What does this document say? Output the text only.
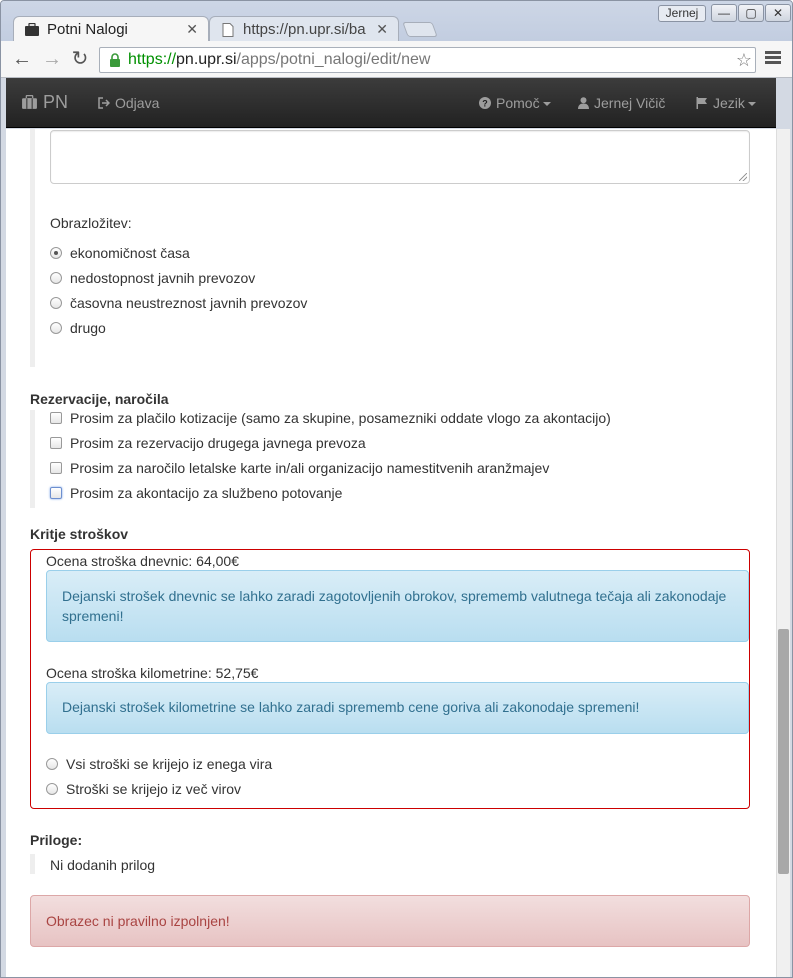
Potni Nalogi	✕	https://pn.upr.si/ba ✕
Jernej	—	▢	✕
← → ↻ https:// pn.upr.si /apps/potni_nalogi/edit/new	☆
PN	Odjava	? Pomoč	Jernej Vičič	Jezik
Obrazložitev:
ekonomičnost časa
nedostopnost javnih prevozov
časovna neustreznost javnih prevozov
drugo
Rezervacije, naročila
Prosim za plačilo kotizacije (samo za skupine, posamezniki oddate vlogo za akontacijo)
Prosim za rezervacijo drugega javnega prevoza
Prosim za naročilo letalske karte in/ali organizacijo namestitvenih aranžmajev
Prosim za akontacijo za službeno potovanje
Kritje stroškov
Ocena stroška dnevnic: 64,00€
Dejanski strošek dnevnic se lahko zaradi zagotovljenih obrokov, sprememb valutnega tečaja ali zakonodaje spremeni!
Ocena stroška kilometrine: 52,75€
Dejanski strošek kilometrine se lahko zaradi sprememb cene goriva ali zakonodaje spremeni!
Vsi stroški se krijejo iz enega vira
Stroški se krijejo iz več virov
Priloge:
Ni dodanih prilog
Obrazec ni pravilno izpolnjen!
